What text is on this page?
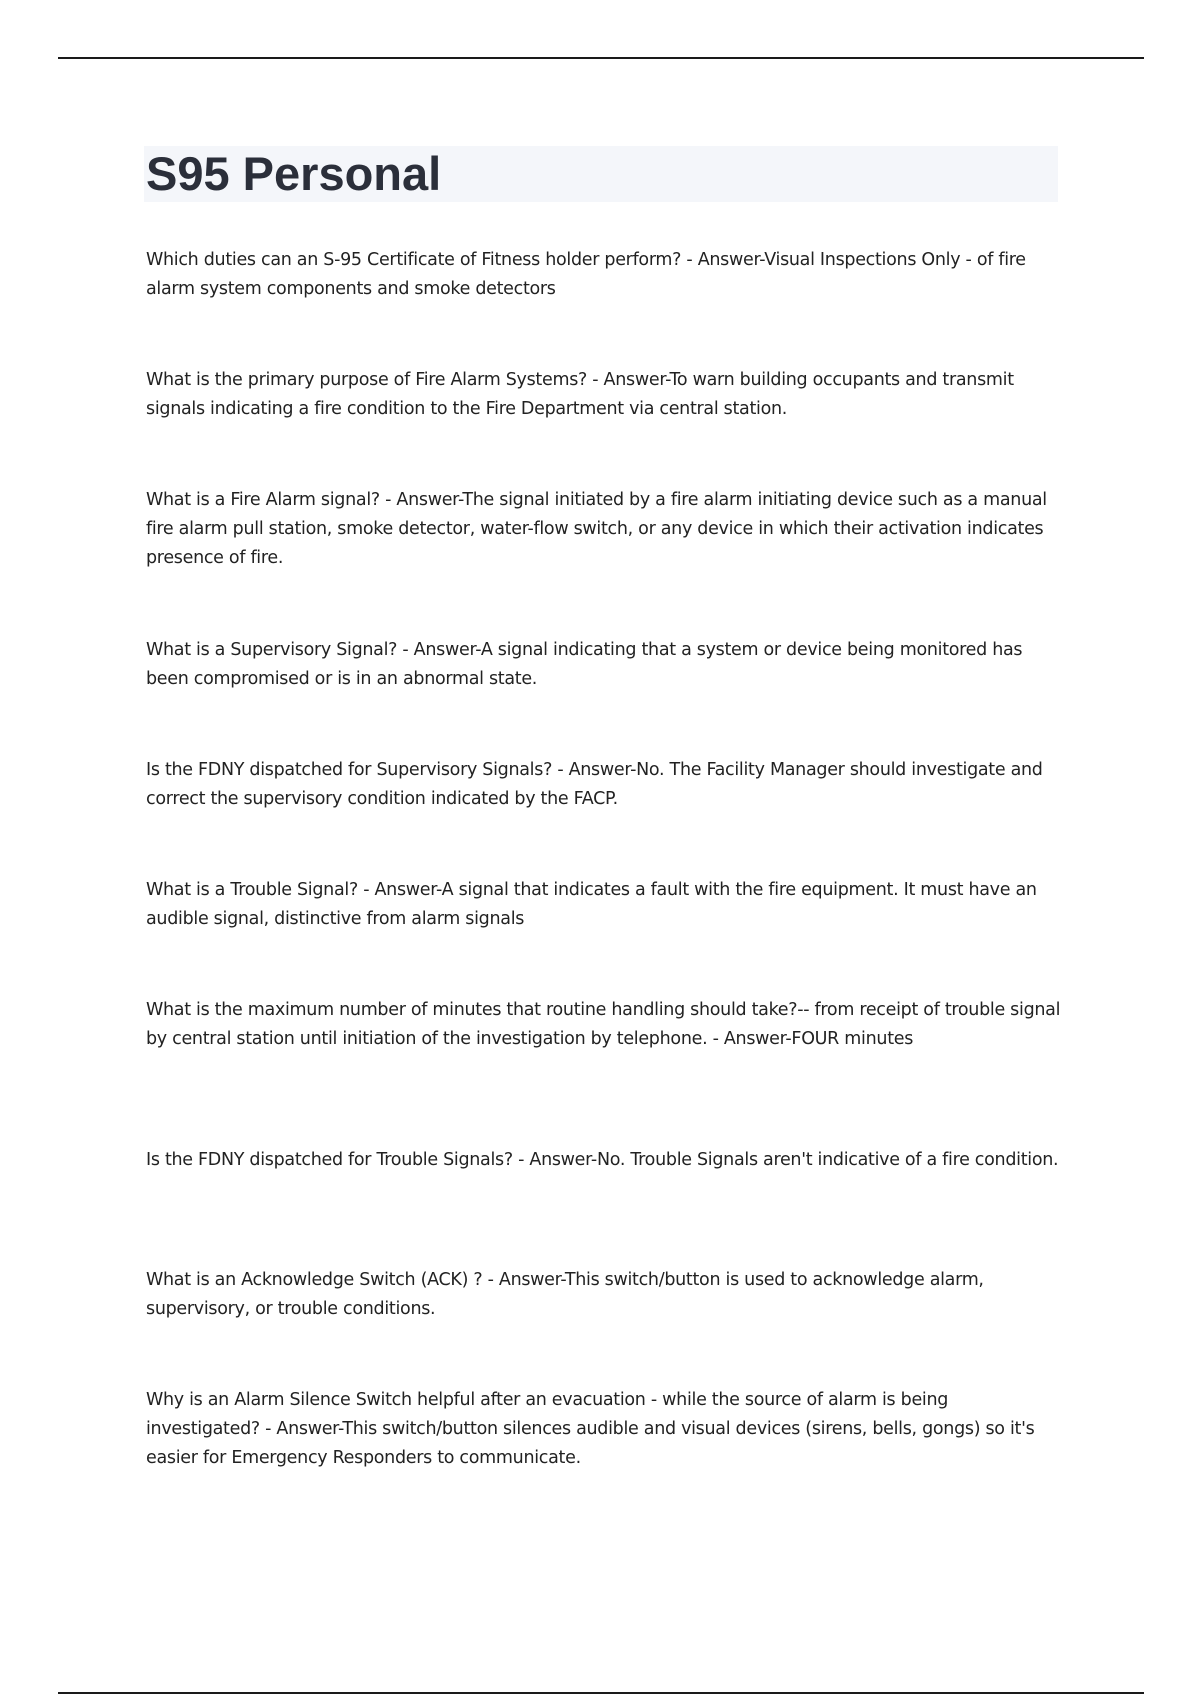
S95 Personal

Which duties can an S-95 Certificate of Fitness holder perform? - Answer-Visual Inspections Only - of fire alarm system components and smoke detectors

What is the primary purpose of Fire Alarm Systems? - Answer-To warn building occupants and transmit signals indicating a fire condition to the Fire Department via central station.

What is a Fire Alarm signal? - Answer-The signal initiated by a fire alarm initiating device such as a manual fire alarm pull station, smoke detector, water-flow switch, or any device in which their activation indicates presence of fire.

What is a Supervisory Signal? - Answer-A signal indicating that a system or device being monitored has been compromised or is in an abnormal state.

Is the FDNY dispatched for Supervisory Signals? - Answer-No. The Facility Manager should investigate and correct the supervisory condition indicated by the FACP.

What is a Trouble Signal? - Answer-A signal that indicates a fault with the fire equipment. It must have an audible signal, distinctive from alarm signals

What is the maximum number of minutes that routine handling should take?-- from receipt of trouble signal by central station until initiation of the investigation by telephone. - Answer-FOUR minutes

Is the FDNY dispatched for Trouble Signals? - Answer-No. Trouble Signals aren't indicative of a fire condition.

What is an Acknowledge Switch (ACK) ? - Answer-This switch/button is used to acknowledge alarm, supervisory, or trouble conditions.

Why is an Alarm Silence Switch helpful after an evacuation - while the source of alarm is being investigated? - Answer-This switch/button silences audible and visual devices (sirens, bells, gongs) so it's easier for Emergency Responders to communicate.
